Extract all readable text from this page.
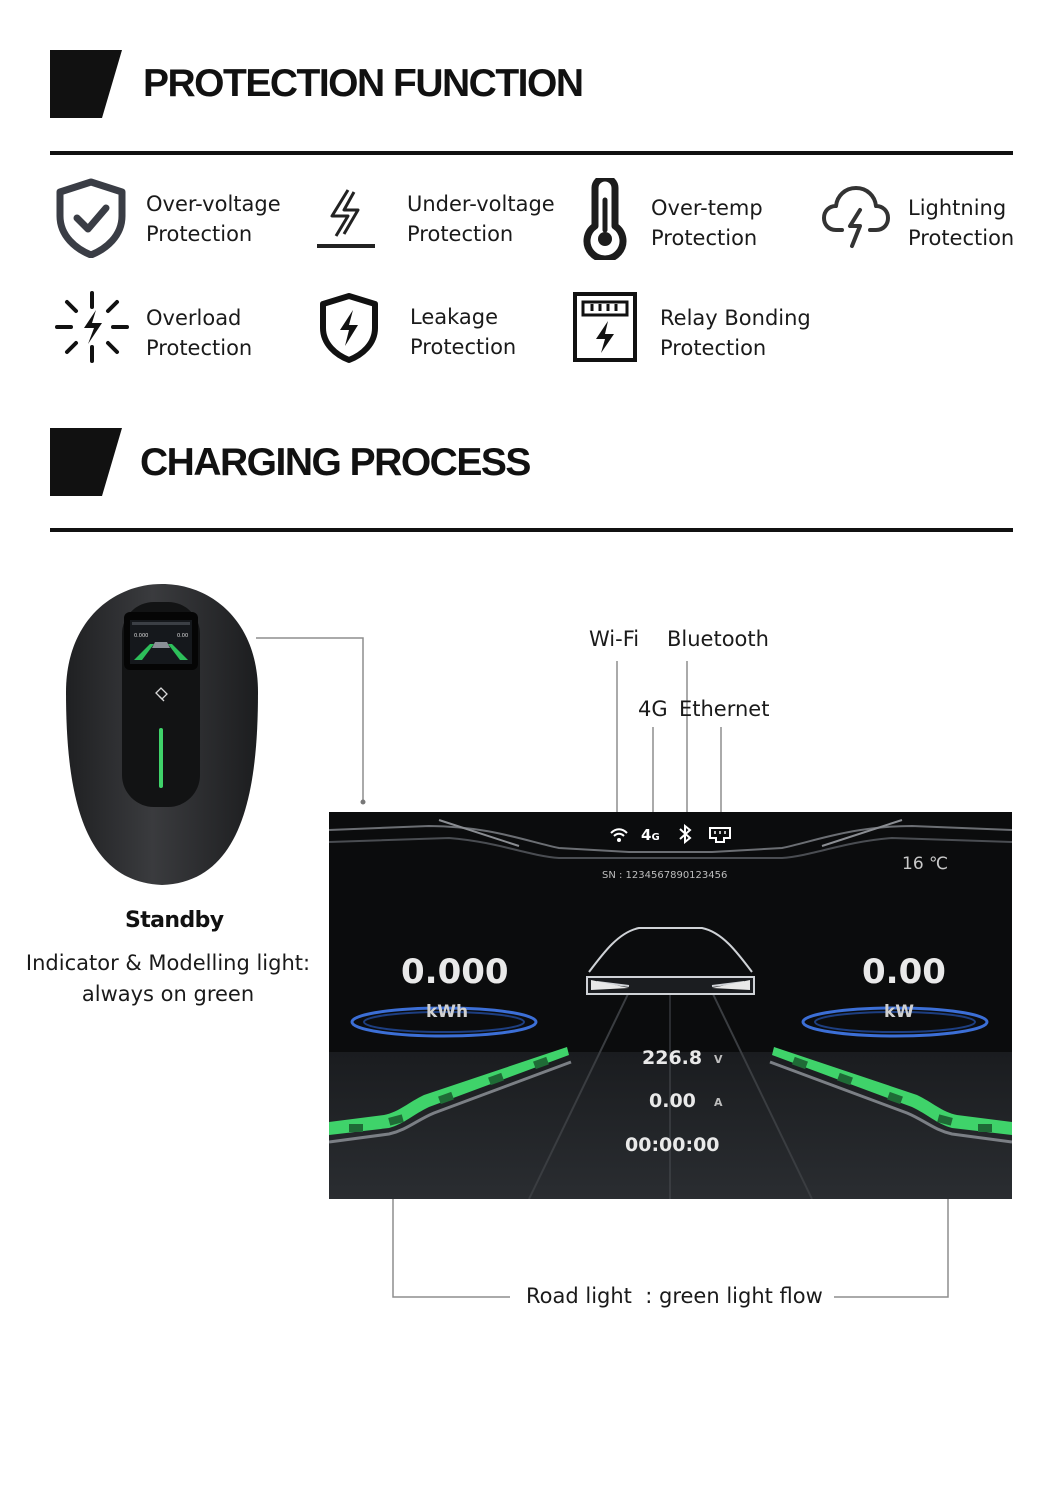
PROTECTION FUNCTION
Over-voltage
Protection
Under-voltage
Protection
Over-temp
Protection
Lightning
Protection
Overload
Protection
Leakage
Protection
Relay Bonding
Protection
CHARGING PROCESS
0.000	0.00
Standby
Indicator & Modelling light:
always on green
Wi-Fi Bluetooth
4G Ethernet
4G
16 ℃
SN : 1234567890123456
0.000
kWh
0.00
kW
226.8 V
0.00 A
00:00:00
Road light  : green light flow
